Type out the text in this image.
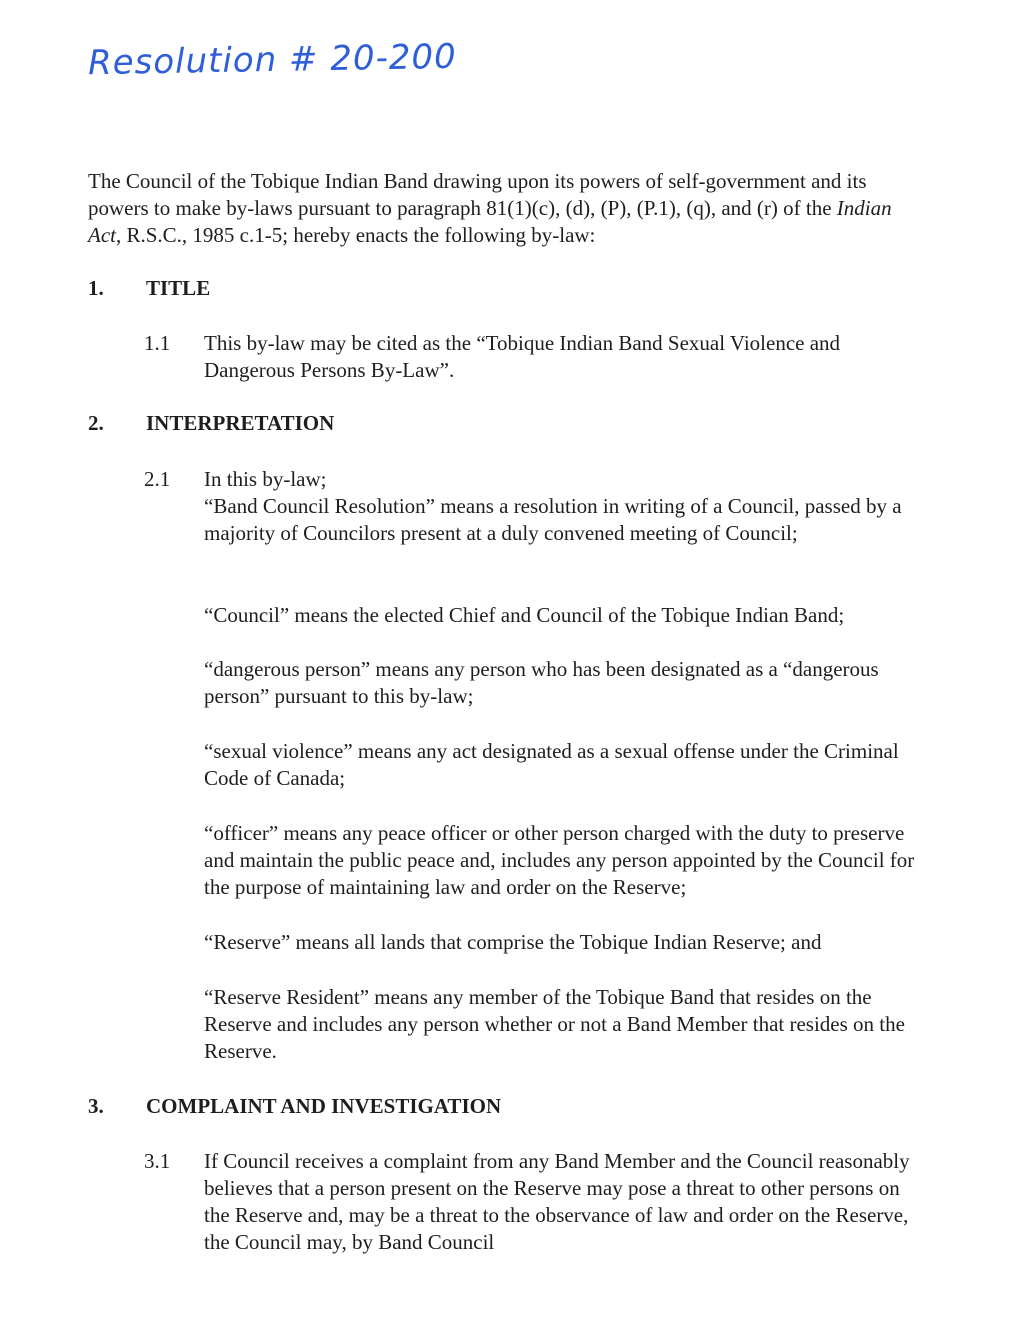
Resolution # 20-200

The Council of the Tobique Indian Band drawing upon its powers of self-government and its powers to make by-laws pursuant to paragraph 81(1)(c), (d), (P), (P.1), (q), and (r) of the Indian Act, R.S.C., 1985 c.1-5; hereby enacts the following by-law:

1. TITLE
1.1 This by-law may be cited as the “Tobique Indian Band Sexual Violence and Dangerous Persons By-Law”.

2. INTERPRETATION
2.1 In this by-law;

“Band Council Resolution” means a resolution in writing of a Council, passed by a majority of Councilors present at a duly convened meeting of Council;

“Council” means the elected Chief and Council of the Tobique Indian Band;

“dangerous person” means any person who has been designated as a “dangerous person” pursuant to this by-law;

“sexual violence” means any act designated as a sexual offense under the Criminal Code of Canada;

“officer” means any peace officer or other person charged with the duty to preserve and maintain the public peace and, includes any person appointed by the Council for the purpose of maintaining law and order on the Reserve;

“Reserve” means all lands that comprise the Tobique Indian Reserve; and

“Reserve Resident” means any member of the Tobique Band that resides on the Reserve and includes any person whether or not a Band Member that resides on the Reserve.

3. COMPLAINT AND INVESTIGATION
3.1 If Council receives a complaint from any Band Member and the Council reasonably believes that a person present on the Reserve may pose a threat to other persons on the Reserve and, may be a threat to the observance of law and order on the Reserve, the Council may, by Band Council
